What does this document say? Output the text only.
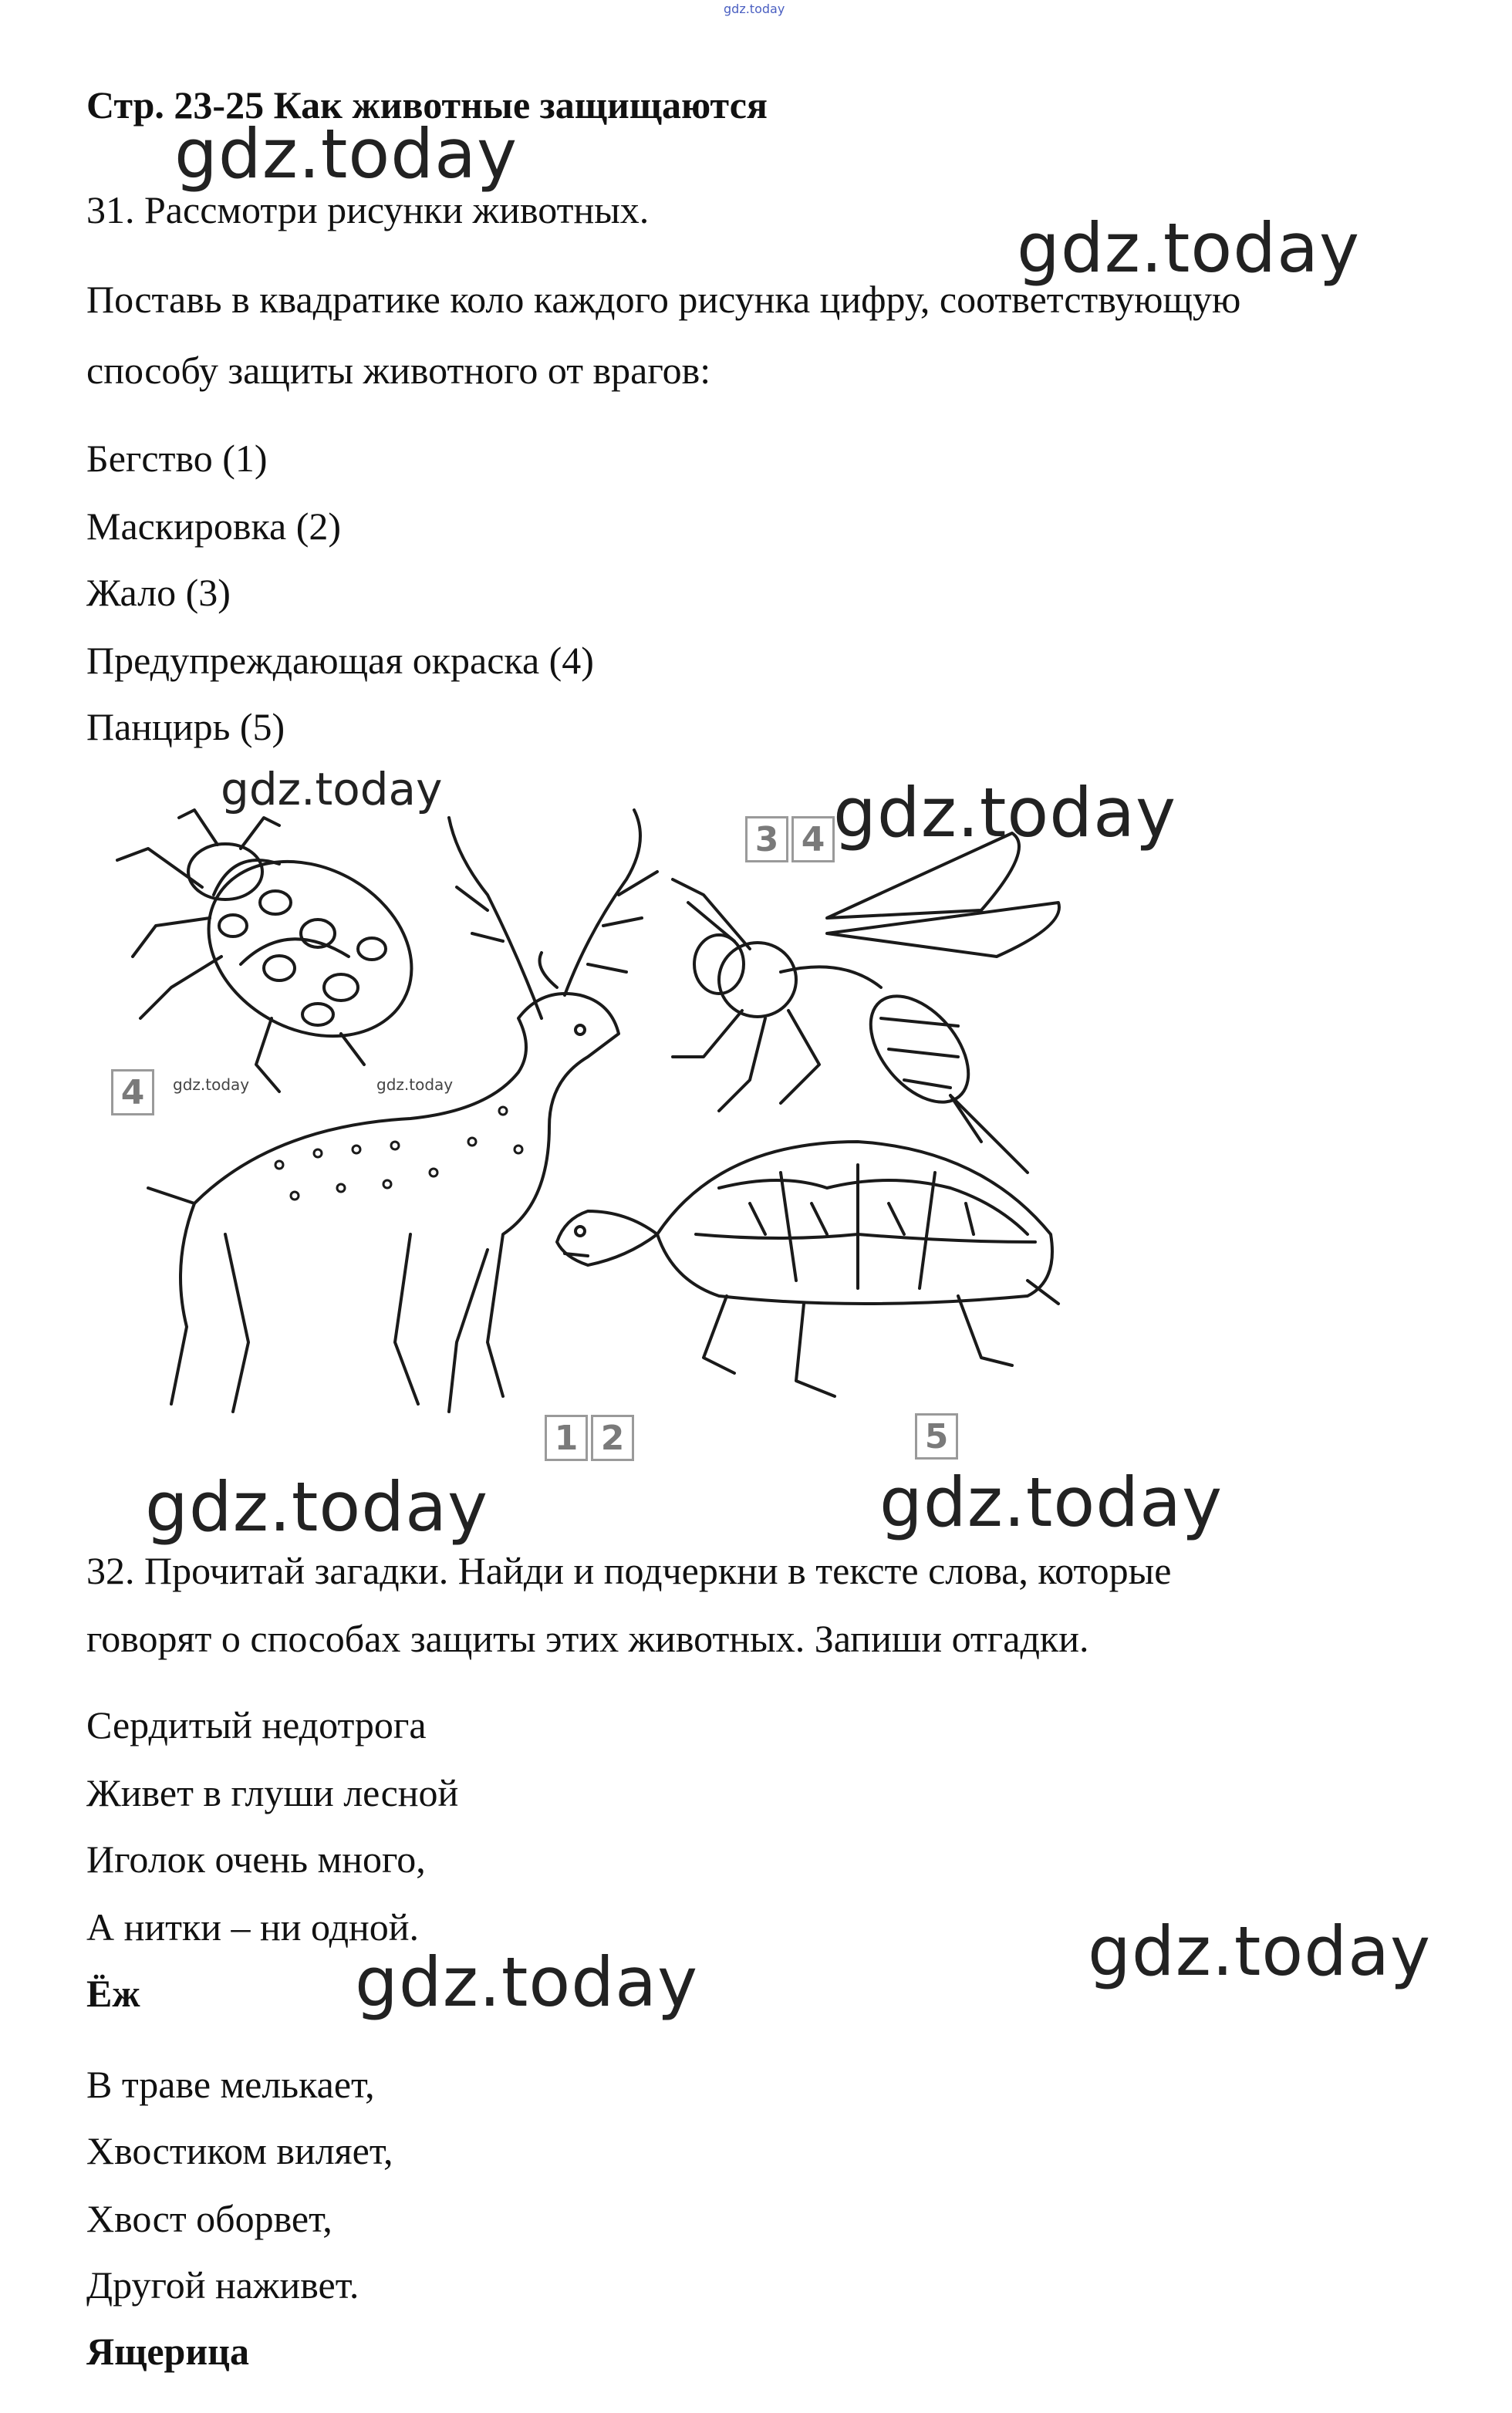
gdz.today
Стр. 23-25 Как животные защищаются
31. Рассмотри рисунки животных.
Поставь в квадратике коло каждого рисунка цифру, соответствующую
способу защиты животного от врагов:
Бегство (1)
Маскировка (2)
Жало (3)
Предупреждающая окраска (4)
Панцирь (5)
4
3 4
1 2	5
32. Прочитай загадки. Найди и подчеркни в тексте слова, которые
говорят о способах защиты этих животных. Запиши отгадки.
Сердитый недотрога
Живет в глуши лесной
Иголок очень много,
А нитки – ни одной.
Ёж
В траве мелькает,
Хвостиком виляет,
Хвост оборвет,
Другой наживет.
Ящерица
gdz.today
gdz.today
gdz.today	gdz.today
gdz.today	gdz.today
gdz.today	gdz.today
gdz.today
gdz.today
